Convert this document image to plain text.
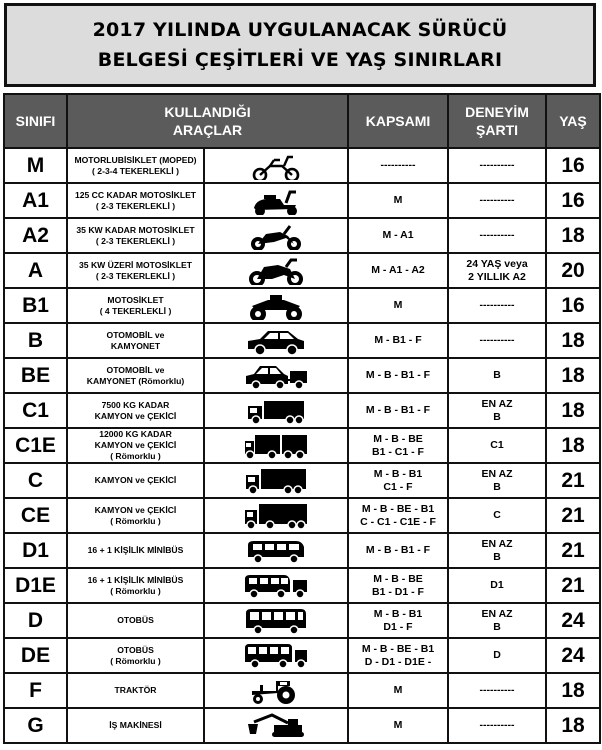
2017 YILINDA UYGULANACAK SÜRÜCÜ
BELGESİ ÇEŞİTLERİ VE YAŞ SINIRLARI
SINIFI	KULLANDIĞI
ARAÇLAR		KAPSAMI	DENEYİM
ŞARTI	YAŞ
M	MOTORLUBİSİKLET (MOPED)
( 2-3-4 TEKERLEKLİ )		----------	----------	16
A1	125 CC KADAR MOTOSİKLET
( 2-3 TEKERLEKLİ )		M	----------	16
A2	35 KW KADAR MOTOSİKLET
( 2-3 TEKERLEKLİ )		M - A1	----------	18
A	35 KW ÜZERİ MOTOSİKLET
( 2-3 TEKERLEKLİ )		M - A1 - A2	24 YAŞ veya
2 YILLIK A2	20
B1	MOTOSİKLET
( 4 TEKERLEKLİ )		M	----------	16
B	OTOMOBİL ve
KAMYONET		M - B1 - F	----------	18
BE	OTOMOBİL ve
KAMYONET (Römorklu)		M - B - B1 - F	B	18
C1	7500 KG KADAR
KAMYON ve ÇEKİCİ		M - B - B1 - F	EN AZ
B	18
C1E	12000 KG KADAR
KAMYON ve ÇEKİCİ
( Römorklu )		M - B - BE
B1 - C1 - F	C1	18
C	KAMYON ve ÇEKİCİ		M - B - B1
C1 - F	EN AZ
B	21
CE	KAMYON ve ÇEKİCİ
( Römorklu )		M - B - BE - B1
C - C1 - C1E - F	C	21
D1	16 + 1 KİŞİLİK MİNİBÜS		M - B - B1 - F	EN AZ
B	21
D1E	16 + 1 KİŞİLİK MİNİBÜS
( Römorklu )		M - B - BE
B1 - D1 - F	D1	21
D	OTOBÜS		M - B - B1
D1 - F	EN AZ
B	24
DE	OTOBÜS
( Römorklu )		M - B - BE - B1
D - D1 - D1E -	D	24
F	TRAKTÖR		M	----------	18
G	İŞ MAKİNESİ		M	----------	18
